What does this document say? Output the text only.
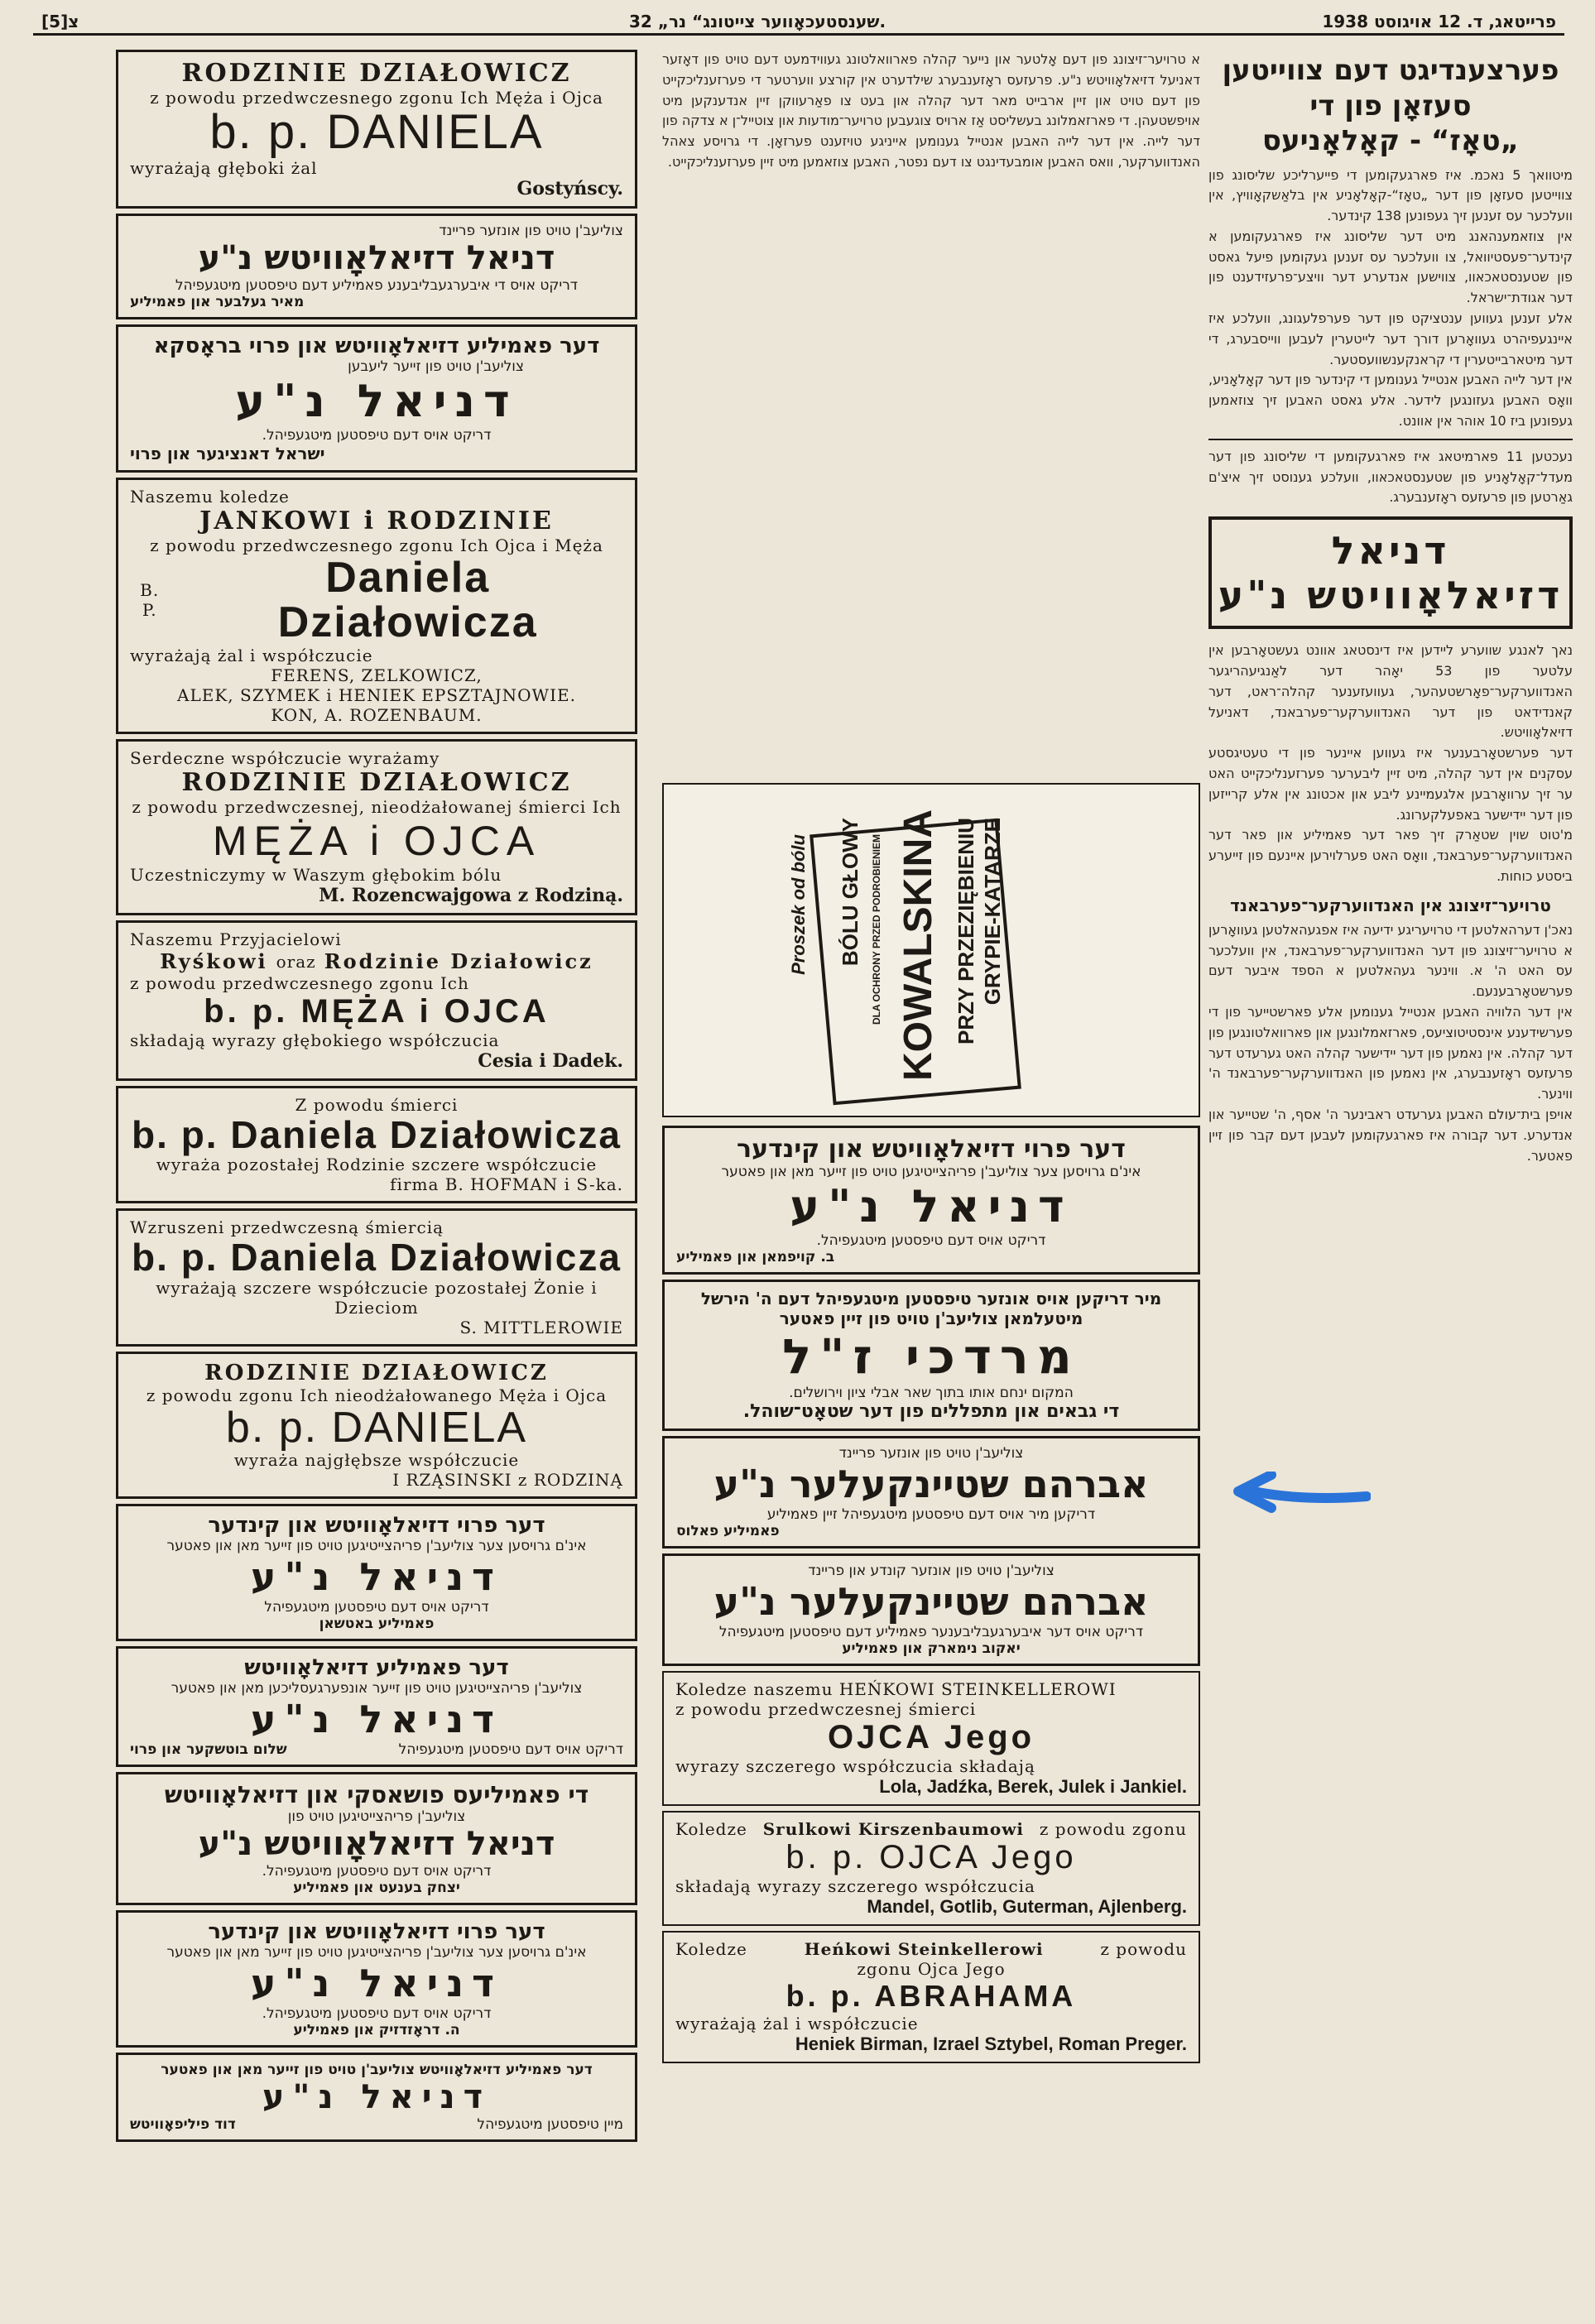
צ[5]	32 „שענסטעכאָווער צייטונג“ נר.	פרייטאג, ד. 12 אויגוסט 1938
RODZINIE DZIAŁOWICZ
z powodu przedwczesnego zgonu Ich Męża i Ojca
b. p. DANIELA
wyrażają głęboki żal
Gostyńscy.
צוליעב'ן טויט פון אונזער פריינד
דניאל דזיאלאָוויטש נ"ע
דריקט אויס די איבערגעבליבענע פאמיליע דעם טיפסטען מיטגעפיהל
מאיר געלבער און פאמיליע
דער פאמיליע דזיאלאָוויטש און פרוי בראָסקא
צוליעב'ן טויט פון זייער ליעבען
דניאל נ"ע
דריקט אויס דעם טיפסטען מיטגעפיהל.
ישראל דאנציגער און פרוי
Naszemu koledze
JANKOWI i RODZINIE
z powodu przedwczesnego zgonu Ich Ojca i Męża
B. P.
Daniela Działowicza
wyrażają żal i współczucie
FERENS, ZELKOWICZ,
ALEK, SZYMEK i HENIEK EPSZTAJNOWIE.
KON, A. ROZENBAUM.
Serdeczne współczucie wyrażamy
RODZINIE DZIAŁOWICZ
z powodu przedwczesnej, nieodżałowanej śmierci Ich
MĘŻA i OJCA
Uczestniczymy w Waszym głębokim bólu
M. Rozencwajgowa z Rodziną.
Naszemu Przyjacielowi
Ryśkowi oraz Rodzinie Działowicz
z powodu przedwczesnego zgonu Ich
b. p. MĘŻA i OJCA
składają wyrazy głębokiego współczucia
Cesia i Dadek.
Z powodu śmierci
b. p. Daniela Działowicza
wyraża pozostałej Rodzinie szczere współczucie
firma B. HOFMAN i S-ka.
Wzruszeni przedwczesną śmiercią
b. p. Daniela Działowicza
wyrażają szczere współczucie pozostałej Żonie i Dzieciom
S. MITTLEROWIE
RODZINIE DZIAŁOWICZ
z powodu zgonu Ich nieodżałowanego Męża i Ojca
b. p. DANIELA
wyraża najgłębsze współczucie
I RZĄSINSKI z RODZINĄ
דער פרוי דזיאלאָוויטש און קינדער
אינ'ם גרויסען צער צוליעב'ן פריהצייטיגען טויט פון זייער מאן און פאטער
דניאל נ"ע
דריקט אויס דעם טיפסטען מיטגעפיהל
פאמיליע באטשאן
דער פאמיליע דזיאלאָוויטש
צוליעב'ן פריהצייטיגען טויט פון זייער אונפערגעסליכען מאן און פאטער
דניאל נ"ע
דריקט אויס דעם טיפסטען מיטגעפיהל
שלום בוטשקער און פרוי
די פאמיליעס פושאסקי און דזיאלאָוויטש
צוליעב'ן פריהצייטיגען טויט פון
דניאל דזיאלאָוויטש נ"ע
דריקט אויס דעם טיפסטען מיטגעפיהל.
יצחק בענעט און פאמיליע
דער פרוי דזיאלאָוויטש און קינדער
אינ'ם גרויסען צער צוליעב'ן פריהצייטיגען טויט פון זייער מאן און פאטער
דניאל נ"ע
דריקט אויס דעם טיפסטען מיטגעפיהל.
ה. דראָזדזיק און פאמיליע
דער פאמיליע דזיאלאָוויטש צוליעב'ן טויט פון זייער מאן און פאטער
דניאל נ"ע
מיין טיפסטען מיטגעפיהל
דוד פיליפאָוויטש
א טרויער־זיצונג פון דעם אָלטער און נייער קהלה פארוואלטונג געווידמעט דעם טויט פון דאָזער דאניעל דזיאלאָוויטש נ"ע. פרעזעס ראָזענבערג שילדערט אין קורצע ווערטער די פערזענליכקייט פון דעם טויט און זיין ארבייט מאר דער קהלה און בעט צו פאַרעווקן זיין אנדענקען מיט אויפשטעהן. די פארזאמלונג בעשליסט אַז ארויס צוגעבען טרויער־מודעות און צוטייל־ן א צדקה פון דער לייה. אין דער לייה האבען אנטייל גענומען אייניגע טויזענט פערזאָן. די גרויסע צאהל האנדווערקער, וואס האבען אומבעדינגט צו דעם נפטר, האבען צוזאמען מיט זיין פערזענליכקייט.
Proszek od bólu BÓLU GŁOWY DLA OCHRONY PRZED PODROBIENIEM KOWALSKINA PRZY PRZEZIĘBIENIU GRYPIE-KATARZE
דער פרוי דזיאלאָוויטש און קינדער
אינ'ם גרויסען צער צוליעב'ן פריהצייטיגען טויט פון זייער מאן און פאטער
דניאל נ"ע
דריקט אויס דעם טיפסטען מיטגעפיהל.
ב. קויפמאן און פאמיליע
מיר דריקען אויס אונזער טיפסטען מיטגעפיהל דעם ה' הירשל מיטעלמאן צוליעב'ן טויט פון זיין פאטער
מרדכי ז"ל
המקום ינחם אותו בתוך שאר אבלי ציון וירושלים.
די גבאים און מתפללים פון דער שטאָט־שוהל.
צוליעב'ן טויט פון אונזער פריינד
אברהם שטיינקעלער נ"ע
דריקען מיר אויס דעם טיפסטען מיטגעפיהל זיין פאמיליע
פאמיליע פאלוס
צוליעב'ן טויט פון אונזער קונדע און פריינד
אברהם שטיינקעלער נ"ע
דריקט אויס דער איבערגעבליבענער פאמיליע דעם טיפסטען מיטגעפיהל
יאקוב נימארק און פאמיליע
Koledze naszemu HEŃKOWI STEINKELLEROWI
z powodu przedwczesnej śmierci
OJCA Jego
wyrazy szczerego współczucia składają
Lola, Jadźka, Berek, Julek i Jankiel.
Koledze Srulkowi Kirszenbaumowi z powodu zgonu
b. p. OJCA Jego
składają wyrazy szczerego współczucia
Mandel, Gotlib, Guterman, Ajlenberg.
Koledze	Heńkowi Steinkellerowi	z powodu
zgonu Ojca Jego
b. p. ABRAHAMA
wyrażają żal i współczucie
Heniek Birman, Izrael Sztybel, Roman Preger.
פערצענדיגט דעם צווייטען סעזאָן פון די
„טאָז“ - קאָלאָניעס
מיטוואך 5 נאכמ. איז פארגעקומען די פייערליכע שליסונג פון צווייטען סעזאָן פון דער „טאָז“-קאָלאָניע אין בלאַשקאָוויץ, אין וועלכער עס זענען זיך געפונען 138 קינדער.
אין צוזאמענהאנג מיט דער שליסונג איז פארגעקומען א קינדער־פעסטיוואל, צו וועלכער עס זענען געקומען פיעל גאסט פון שטענסטאכאוו, צווישען אנדערע דער וויצע־פרעזידענט פון דער אגודת־ישראל.
אלע זענען געווען ענטציקט פון דער פערפלעגונג, וועלכע איז איינגעפיהרט געוואָרען דורך דער לייטערין לעבען ווייסבערג, די דער מיטארבייטערין די קראנקענשוועסטער.
אין דער לייה האבען אנטייל גענומען די קינדער פון דער קאָלאָניע, וואָס האבען געזונגען לידער. אלע גאסט האבען זיך צוזאמען געפונען ביז 10 אוהר אין אוונט.
נעכטען 11 פארמיטאג איז פארגעקומען די שליסונג פון דער מעדל־קאָלאָניע פון שטענסטאכאוו, וועלכע גענוסט זיך איצ'ם גאַרטען פון פרעזעס ראָזענבערג.
דניאל דזיאלאָוויטש נ"ע
נאך לאנגע שווערע ליידען איז דינסטאג אוונט געשטאָרבען אין עלטער פון 53 יאָהר דער לאַנגיעהריגער האנדווערקער־פאָרשטעהער, געוועזענער קהלה־ראט, דער קאנדידאט פון דער האנדווערקער־פערבאנד, דאניעל דזיאלאָוויטש.
דער פערשטאָרבענער איז געווען איינער פון די טעטיגסטע עסקנים אין דער קהלה, מיט זיין ליבערער פערזענליכקייט האט ער זיך ערוואָרבען אלגעמיינע ליבע און אכטונג אין אלע קרייזען פון דער יידישער באפעלקערונג.
מ'טוט שוין שטאַרק זיך פאר דער פאמיליע און פאר דער האנדווערקער־פערבאנד, וואָס האט פערלוירען איינעם פון זייערע ביסטע כוחות.
טרויער־זיצונג אין האנדווערקער־פערבאנד
נאכ'ן דערהאלטען די טרויעריגע ידיעה איז אפגעהאלטען געוואָרען א טרויער־זיצונג פון דער האנדווערקער־פערבאנד, אין וועלכער עס האט ה' א. ווינער געהאלטען א הספד איבער דעם פערשטאָרבענעם.
אין דער הלוויה האבען אנטייל גענומען אלע פארשטייער פון די פערשידענע אינסטיטוציעס, פארזאמלונגען און פארוואלטונגען פון דער קהלה. אין נאמען פון דער יידישער קהלה האט גערעדט דער פרעזעס ראָזענבערג, אין נאמען פון האנדווערקער־פערבאנד ה' ווינער.
אויפן בית־עולם האבען גערעדט ראבינער ה' אסף, ה' שטייער און אנדערע. דער קבורה איז פארגעקומען לעבען דעם קבר פון זיין פאטער.
